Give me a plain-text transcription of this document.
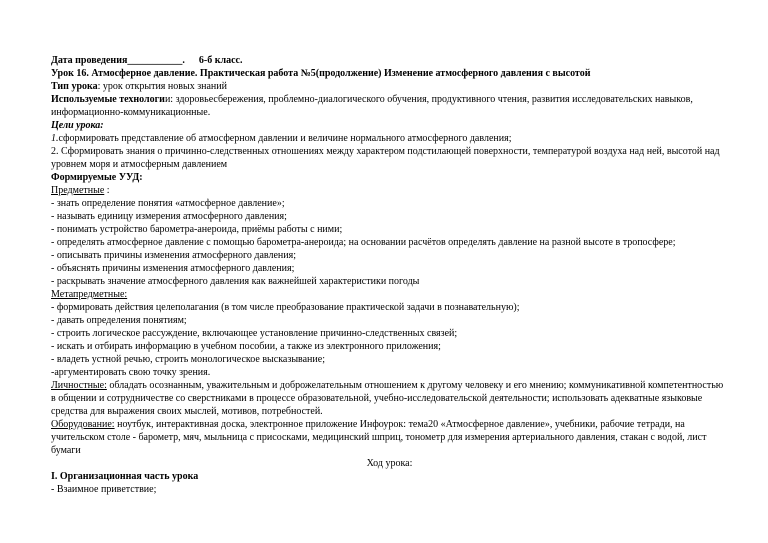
Дата проведения___________. 6-б класс.
Урок 16. Атмосферное давление. Практическая работа №5(продолжение) Изменение атмосферного давления с высотой
Тип урока: урок открытия новых знаний
Используемые технологии: здоровьесбережения, проблемно-диалогического обучения, продуктивного чтения, развития исследовательских навыков, информационно-коммуникационные.
Цели урока:
1.сформировать представление об атмосферном давлении и величине нормального атмосферного давления;
2. Сформировать знания о причинно-следственных отношениях между характером подстилающей поверхности, температурой воздуха над ней, высотой над уровнем моря и атмосферным давлением
Формируемые УУД:
Предметные :
- знать определение понятия «атмосферное давление»;
- называть единицу измерения атмосферного давления;
- понимать устройство барометра-анероида, приёмы работы с ними;
- определять атмосферное давление с помощью барометра-анероида; на основании расчётов определять давление на разной высоте в тропосфере;
- описывать причины изменения атмосферного давления;
- объяснять причины изменения атмосферного давления;
- раскрывать значение атмосферного давления как важнейшей характеристики погоды
Метапредметные:
- формировать действия целеполагания (в том числе преобразование практической задачи в познавательную);
- давать определения понятиям;
- строить логическое рассуждение, включающее установление причинно-следственных связей;
- искать и отбирать информацию в учебном пособии, а также из электронного приложения;
- владеть устной речью, строить монологическое высказывание;
-аргументировать свою точку зрения.
Личностные: обладать осознанным, уважительным и доброжелательным отношением к другому человеку и его мнению; коммуникативной компетентностью в общении и сотрудничестве со сверстниками в процессе образовательной, учебно-исследовательской деятельности; использовать адекватные языковые средства для выражения своих мыслей, мотивов, потребностей.
Оборудование: ноутбук, интерактивная доска, электронное приложение Инфоурок: тема20 «Атмосферное давление», учебники, рабочие тетради, на учительском столе - барометр, мяч, мыльница с присосками, медицинский шприц, тонометр для измерения артериального давления, стакан с водой, лист бумаги
Ход урока:
I. Организационная часть урока
- Взаимное приветствие;
